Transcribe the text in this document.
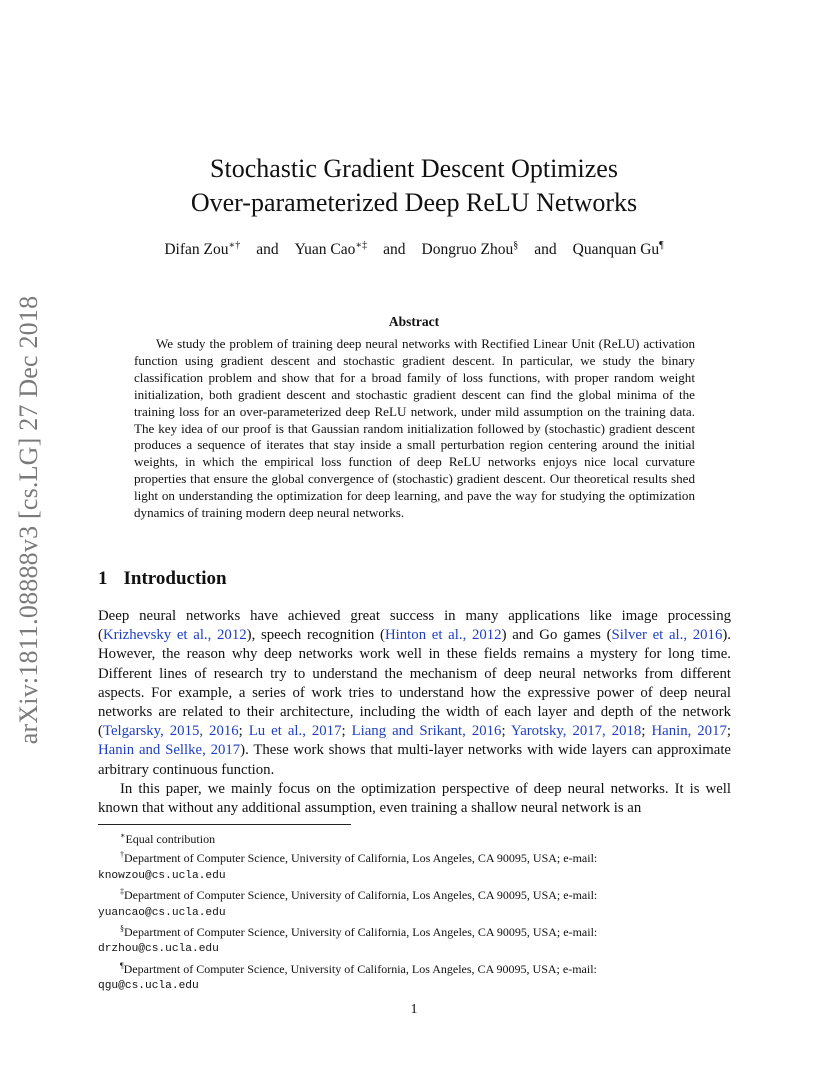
arXiv:1811.08888v3 [cs.LG] 27 Dec 2018
Stochastic Gradient Descent Optimizes
Over-parameterized Deep ReLU Networks
Difan Zou∗† and Yuan Cao∗‡ and Dongruo Zhou§ and Quanquan Gu¶
Abstract
We study the problem of training deep neural networks with Rectified Linear Unit (ReLU) activation function using gradient descent and stochastic gradient descent. In particular, we study the binary classification problem and show that for a broad family of loss functions, with proper random weight initialization, both gradient descent and stochastic gradient descent can find the global minima of the training loss for an over-parameterized deep ReLU network, under mild assumption on the training data. The key idea of our proof is that Gaussian random initialization followed by (stochastic) gradient descent produces a sequence of iterates that stay inside a small perturbation region centering around the initial weights, in which the empirical loss function of deep ReLU networks enjoys nice local curvature properties that ensure the global convergence of (stochastic) gradient descent. Our theoretical results shed light on understanding the optimization for deep learning, and pave the way for studying the optimization dynamics of training modern deep neural networks.
1 Introduction
Deep neural networks have achieved great success in many applications like image processing (Krizhevsky et al., 2012), speech recognition (Hinton et al., 2012) and Go games (Silver et al., 2016). However, the reason why deep networks work well in these fields remains a mystery for long time. Different lines of research try to understand the mechanism of deep neural networks from different aspects. For example, a series of work tries to understand how the expressive power of deep neural networks are related to their architecture, including the width of each layer and depth of the network (Telgarsky, 2015, 2016; Lu et al., 2017; Liang and Srikant, 2016; Yarotsky, 2017, 2018; Hanin, 2017; Hanin and Sellke, 2017). These work shows that multi-layer networks with wide layers can approximate arbitrary continuous function.
In this paper, we mainly focus on the optimization perspective of deep neural networks. It is well known that without any additional assumption, even training a shallow neural network is an

∗Equal contribution

†Department of Computer Science, University of California, Los Angeles, CA 90095, USA; e-mail:
knowzou@cs.ucla.edu

‡Department of Computer Science, University of California, Los Angeles, CA 90095, USA; e-mail:
yuancao@cs.ucla.edu

§Department of Computer Science, University of California, Los Angeles, CA 90095, USA; e-mail:
drzhou@cs.ucla.edu

¶Department of Computer Science, University of California, Los Angeles, CA 90095, USA; e-mail:
qgu@cs.ucla.edu

1
